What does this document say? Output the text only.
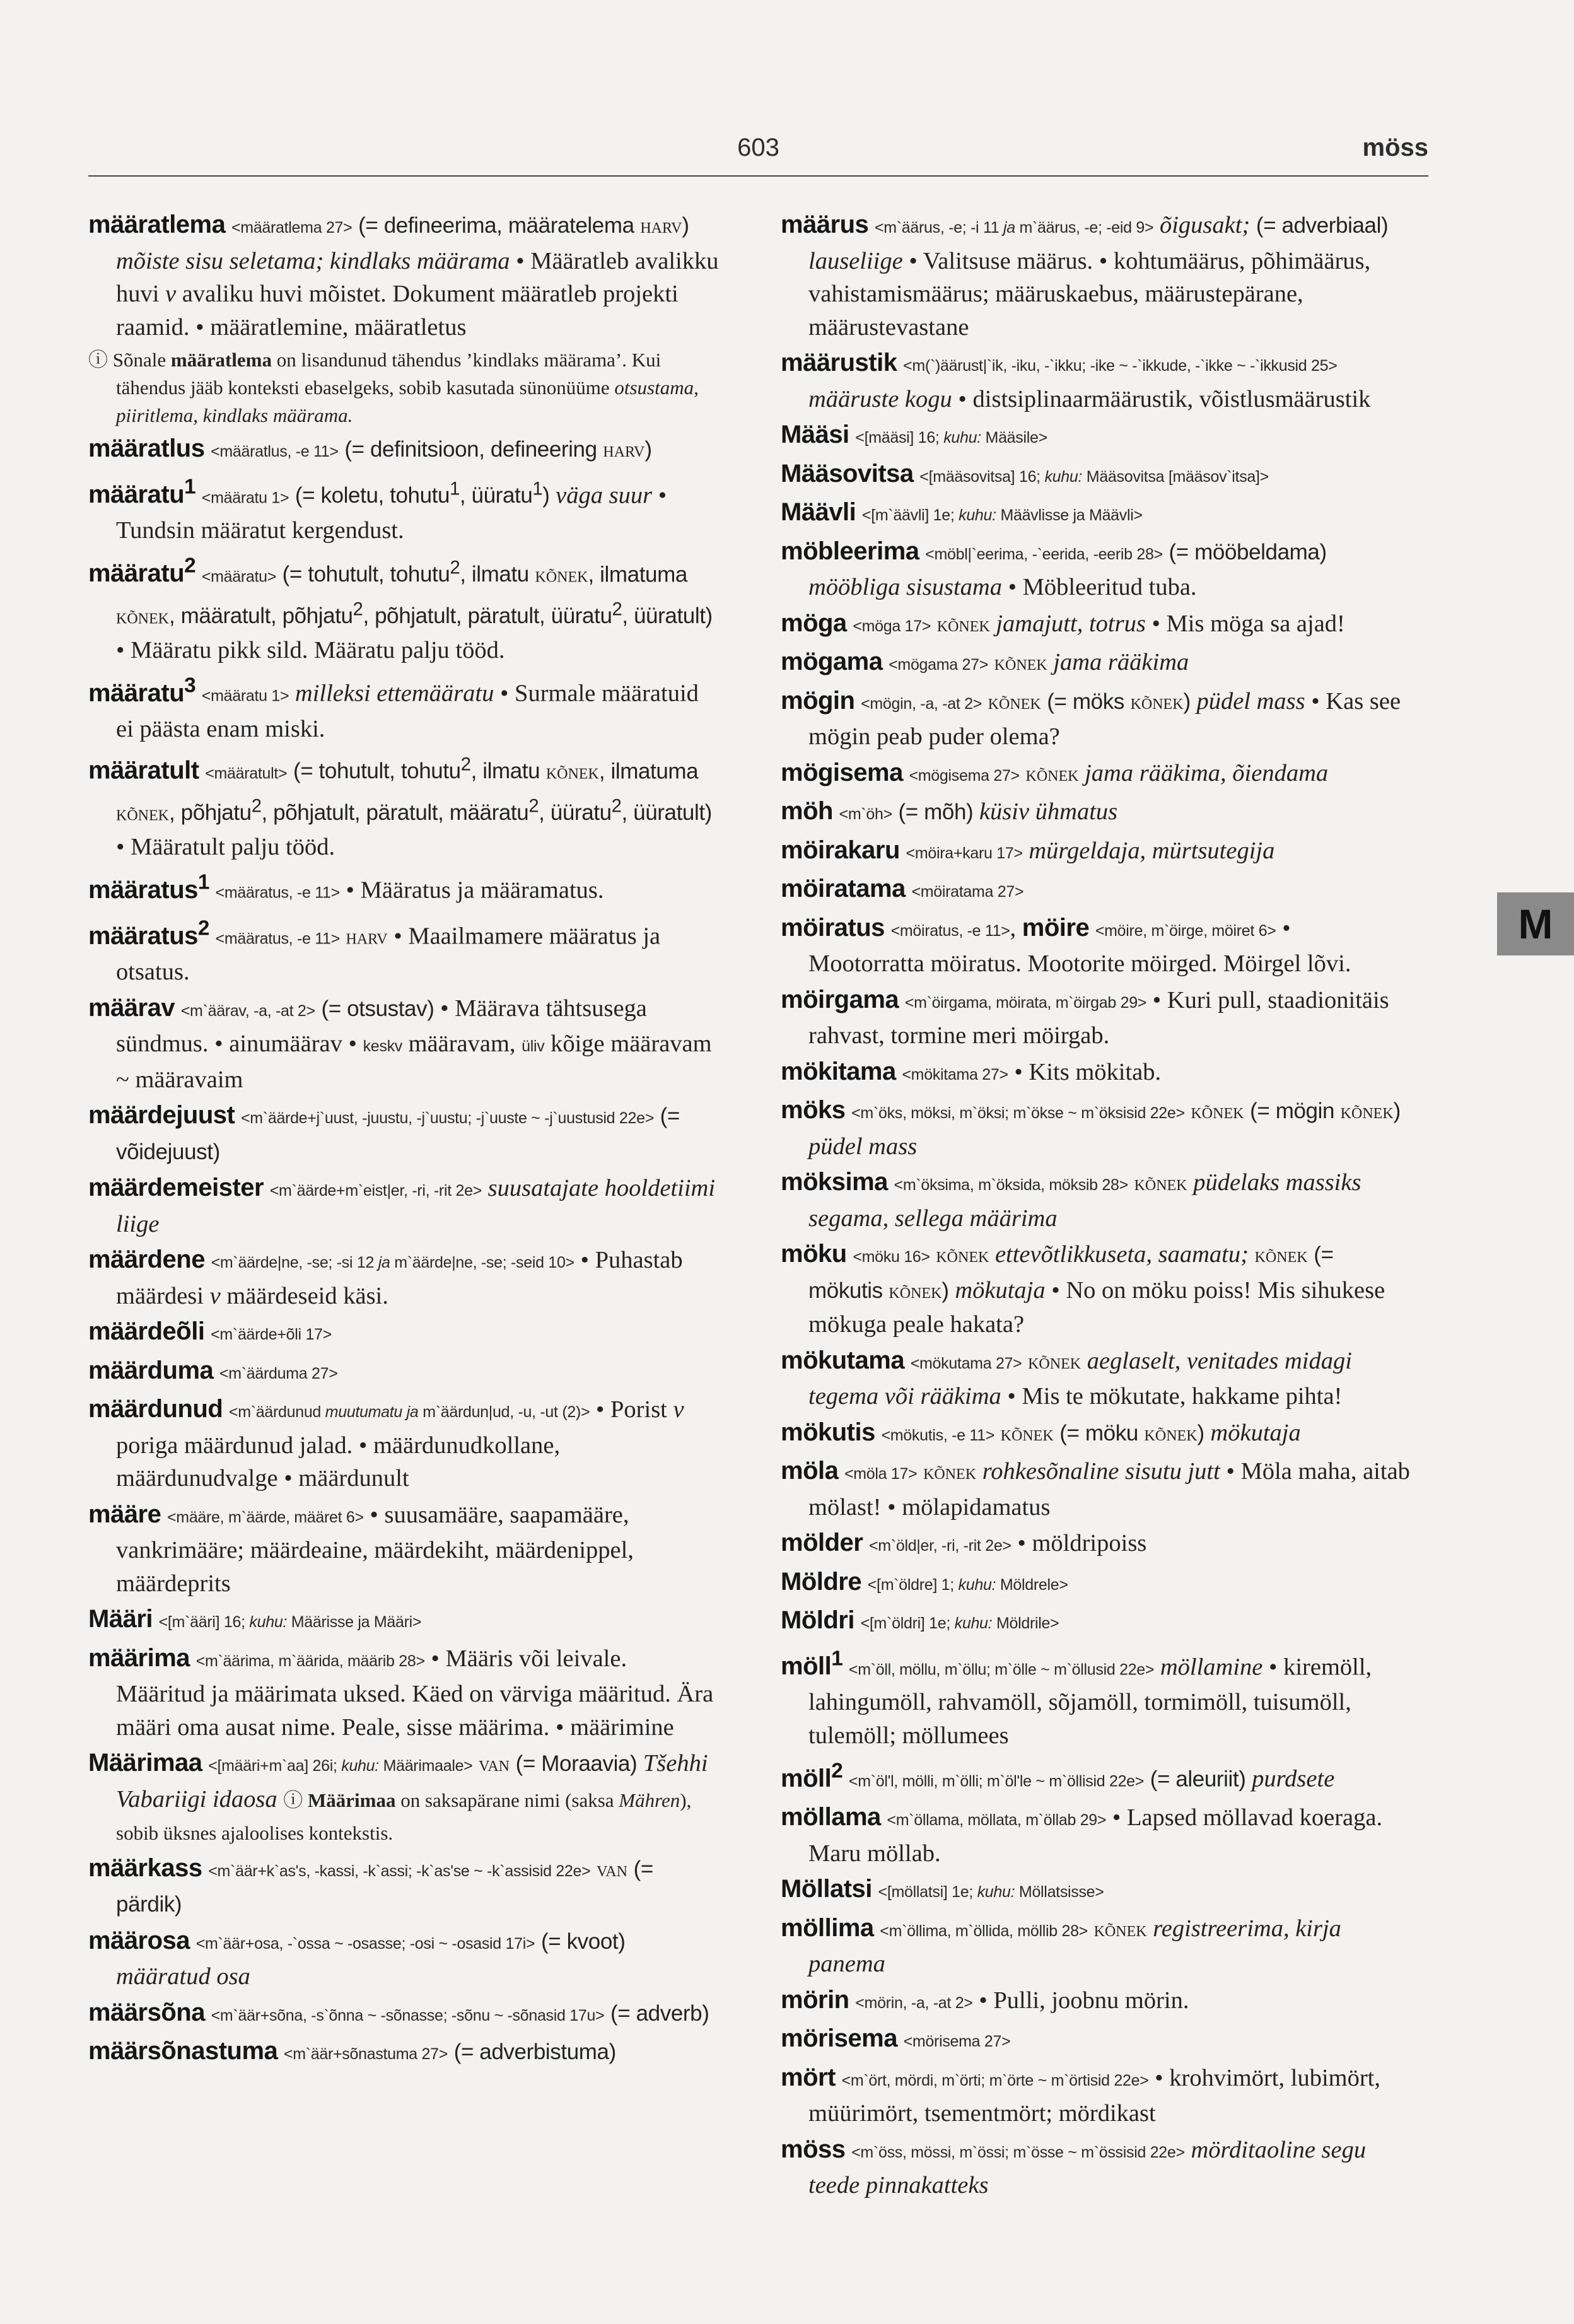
603	möss

määratlema <määratlema 27> (= defineerima, määratelema harv) mõiste sisu seletama; kindlaks määrama • Määratleb avalikku huvi v avaliku huvi mõistet. Dokument määratleb projekti raamid. • määratlemine, määratletus

ⓘ Sõnale määratlema on lisandunud tähendus ’kindlaks määrama’. Kui tähendus jääb konteksti ebaselgeks, sobib kasutada sünonüüme otsustama, piiritlema, kindlaks määrama.

määratlus <määratlus, -e 11> (= definitsioon, defineering harv)

määratu$^1$ <määratu 1> (= koletu, tohutu$^1$, üüratu$^1$) väga suur • Tundsin määratut kergendust.

määratu$^2$ <määratu> (= tohutult, tohutu$^2$, ilmatu kõnek, ilmatuma kõnek, määratult, põhjatu$^2$, põhjatult, päratult, üüratu$^2$, üüratult) • Määratu pikk sild. Määratu palju tööd.

määratu$^3$ <määratu 1> milleksi ettemääratu • Surmale määratuid ei päästa enam miski.

määratult <määratult> (= tohutult, tohutu$^2$, ilmatu kõnek, ilmatuma kõnek, põhjatu$^2$, põhjatult, päratult, määratu$^2$, üüratu$^2$, üüratult) • Määratult palju tööd.

määratus$^1$ <määratus, -e 11> • Määratus ja määramatus.

määratus$^2$ <määratus, -e 11> harv • Maailmamere määratus ja otsatus.

määrav <m`äärav, -a, -at 2> (= otsustav) • Määrava tähtsusega sündmus. • ainumäärav • keskv määravam, üliv kõige määravam ~ määravaim

määrdejuust <m`äärde+j`uust, -juustu, -j`uustu; -j`uuste ~ -j`uustusid 22e> (= võidejuust)

määrdemeister <m`äärde+m`eist|er, -ri, -rit 2e> suusatajate hooldetiimi liige

määrdene <m`äärde|ne, -se; -si 12 ja m`äärde|ne, -se; -seid 10> • Puhastab määrdesi v määrdeseid käsi.

määrdeõli <m`äärde+õli 17>

määrduma <m`äärduma 27>

määrdunud <m`äärdunud muutumatu ja m`äärdun|ud, -u, -ut (2)> • Porist v poriga määrdunud jalad. • määrdunudkollane, määrdunudvalge • määrdunult

määre <määre, m`äärde, määret 6> • suusamääre, saapamääre, vankrimääre; määrdeaine, määrdekiht, määrdenippel, määrdeprits

Määri <[m`ääri] 16; kuhu: Määrisse ja Määri>

määrima <m`äärima, m`äärida, määrib 28> • Määris või leivale. Määritud ja määrimata uksed. Käed on värviga määritud. Ära määri oma ausat nime. Peale, sisse määrima. • määrimine

Määrimaa <[määri+m`aa] 26i; kuhu: Määrimaale> van (= Moraavia) Tšehhi Vabariigi idaosa ⓘ Määrimaa on saksapärane nimi (saksa Mähren), sobib üksnes ajaloolises kontekstis.

määrkass <m`äär+k`as's, -kassi, -k`assi; -k`as'se ~ -k`assisid 22e> van (= pärdik)

määrosa <m`äär+osa, -`ossa ~ -osasse; -osi ~ -osasid 17i> (= kvoot) määratud osa

määrsõna <m`äär+sõna, -s`õnna ~ -sõnasse; -sõnu ~ -sõnasid 17u> (= adverb)

määrsõnastuma <m`äär+sõnastuma 27> (= adverbistuma)

määrus <m`äärus, -e; -i 11 ja m`äärus, -e; -eid 9> õigusakt; (= adverbiaal) lauseliige • Valitsuse määrus. • kohtumäärus, põhimäärus, vahistamismäärus; määruskaebus, määrustepärane, määrustevastane

määrustik <m(`)äärust|`ik, -iku, -`ikku; -ike ~ -`ikkude, -`ikke ~ -`ikkusid 25> määruste kogu • distsiplinaarmäärustik, võistlusmäärustik

Määsi <[määsi] 16; kuhu: Määsile>

Määsovitsa <[määsovitsa] 16; kuhu: Määsovitsa [määsov`itsa]>

Määvli <[m`äävli] 1e; kuhu: Määvlisse ja Määvli>

möbleerima <möbl|`eerima, -`eerida, -eerib 28> (= mööbeldama) mööbliga sisustama • Möbleeritud tuba.

möga <möga 17> kõnek jamajutt, totrus • Mis möga sa ajad!

mögama <mögama 27> kõnek jama rääkima

mögin <mögin, -a, -at 2> kõnek (= möks kõnek) püdel mass • Kas see mögin peab puder olema?

mögisema <mögisema 27> kõnek jama rääkima, õiendama

möh <m`öh> (= mõh) küsiv ühmatus

möirakaru <möira+karu 17> mürgeldaja, mürtsutegija

möiratama <möiratama 27>

möiratus <möiratus, -e 11>, möire <möire, m`öirge, möiret 6> • Mootorratta möiratus. Mootorite möirged. Möirgel lõvi.

möirgama <m`öirgama, möirata, m`öirgab 29> • Kuri pull, staadionitäis rahvast, tormine meri möirgab.

mökitama <mökitama 27> • Kits mökitab.

möks <m`öks, möksi, m`öksi; m`ökse ~ m`öksisid 22e> kõnek (= mögin kõnek) püdel mass

möksima <m`öksima, m`öksida, möksib 28> kõnek püdelaks massiks segama, sellega määrima

möku <möku 16> kõnek ettevõtlikkuseta, saamatu; kõnek (= mökutis kõnek) mökutaja • No on möku poiss! Mis sihukese mökuga peale hakata?

mökutama <mökutama 27> kõnek aeglaselt, venitades midagi tegema või rääkima • Mis te mökutate, hakkame pihta!

mökutis <mökutis, -e 11> kõnek (= möku kõnek) mökutaja

möla <möla 17> kõnek rohkesõnaline sisutu jutt • Möla maha, aitab mölast! • mölapidamatus

mölder <m`öld|er, -ri, -rit 2e> • möldripoiss

Möldre <[m`öldre] 1; kuhu: Möldrele>

Möldri <[m`öldri] 1e; kuhu: Möldrile>

möll$^1$ <m`öll, möllu, m`öllu; m`ölle ~ m`öllusid 22e> möllamine • kiremöll, lahingumöll, rahvamöll, sõjamöll, tormimöll, tuisumöll, tulemöll; möllumees

möll$^2$ <m`öl'l, mölli, m`ölli; m`öl'le ~ m`öllisid 22e> (= aleuriit) purdsete

möllama <m`öllama, möllata, m`öllab 29> • Lapsed möllavad koeraga. Maru möllab.

Möllatsi <[möllatsi] 1e; kuhu: Möllatsisse>

möllima <m`öllima, m`öllida, möllib 28> kõnek registreerima, kirja panema

mörin <mörin, -a, -at 2> • Pulli, joobnu mörin.

mörisema <mörisema 27>

mört <m`ört, mördi, m`örti; m`örte ~ m`örtisid 22e> • krohvimört, lubimört, müürimört, tsementmört; mördikast

möss <m`öss, mössi, m`össi; m`össe ~ m`össisid 22e> mörditaoline segu teede pinnakatteks

M
